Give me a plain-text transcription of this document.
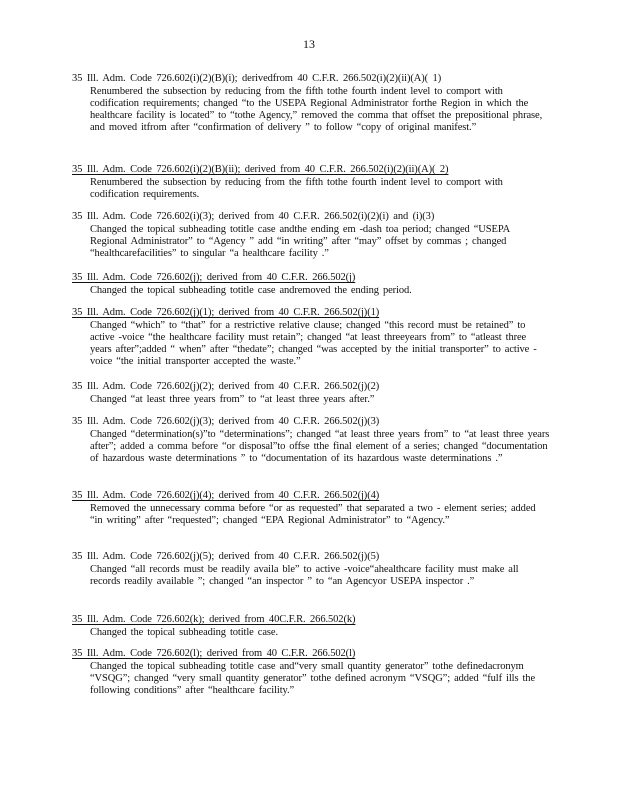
13
35 Ill. Adm. Code 726.602(i)(2)(B)(i); derivedfrom 40 C.F.R. 266.502(i)(2)(ii)(A)( 1)
Renumbered the subsection by reducing from the fifth tothe fourth indent level to comport with codification requirements; changed “to the USEPA Regional Administrator forthe Region in which the healthcare facility is located” to “tothe Agency,” removed the comma that offset the prepositional phrase, and moved itfrom after “confirmation of delivery ” to follow “copy of original manifest.”
35 Ill. Adm. Code 726.602(i)(2)(B)(ii); derived from 40 C.F.R. 266.502(i)(2)(ii)(A)( 2)
Renumbered the subsection by reducing from the fifth tothe fourth indent level to comport with codification requirements.
35 Ill. Adm. Code 726.602(i)(3); derived from 40 C.F.R. 266.502(i)(2)(i) and (i)(3)
Changed the topical subheading totitle case andthe ending em -dash toa period; changed “USEPA Regional Administrator” to “Agency ” add “in writing” after “may” offset by commas ; changed “healthcarefacilities” to singular “a healthcare facility .”
35 Ill. Adm. Code 726.602(j); derived from 40 C.F.R. 266.502(j)
Changed the topical subheading totitle case andremoved the ending period.
35 Ill. Adm. Code 726.602(j)(1); derived from 40 C.F.R. 266.502(j)(1)
Changed “which” to “that” for a restrictive relative clause; changed “this record must be retained” to active -voice “the healthcare facility must retain”; changed “at least threeyears from” to “atleast three years after”;added “ when” after “thedate”; changed “was accepted by the initial transporter” to active -voice “the initial transporter accepted the waste.”
35 Ill. Adm. Code 726.602(j)(2); derived from 40 C.F.R. 266.502(j)(2)
Changed “at least three years from” to “at least three years after.”
35 Ill. Adm. Code 726.602(j)(3); derived from 40 C.F.R. 266.502(j)(3)
Changed “determination(s)”to “determinations”; changed “at least three years from” to “at least three years after”; added a comma before “or disposal”to offse tthe final element of a series; changed “documentation of hazardous waste determinations ” to “documentation of its hazardous waste determinations .”
35 Ill. Adm. Code 726.602(j)(4); derived from 40 C.F.R. 266.502(j)(4)
Removed the unnecessary comma before “or as requested” that separated a two - element series; added “in writing” after “requested”; changed “EPA Regional Administrator” to “Agency.”
35 Ill. Adm. Code 726.602(j)(5); derived from 40 C.F.R. 266.502(j)(5)
Changed “all records must be readily availa ble” to active -voice“ahealthcare facility must make all records readily available ”; changed “an inspector ” to “an Agencyor USEPA inspector .”
35 Ill. Adm. Code 726.602(k); derived from 40C.F.R. 266.502(k)
Changed the topical subheading totitle case.
35 Ill. Adm. Code 726.602(l); derived from 40 C.F.R. 266.502(l)
Changed the topical subheading totitle case and“very small quantity generator” tothe definedacronym “VSQG”; changed “very small quantity generator” tothe defined acronym “VSQG”; added “fulf ills the following conditions” after “healthcare facility.”
